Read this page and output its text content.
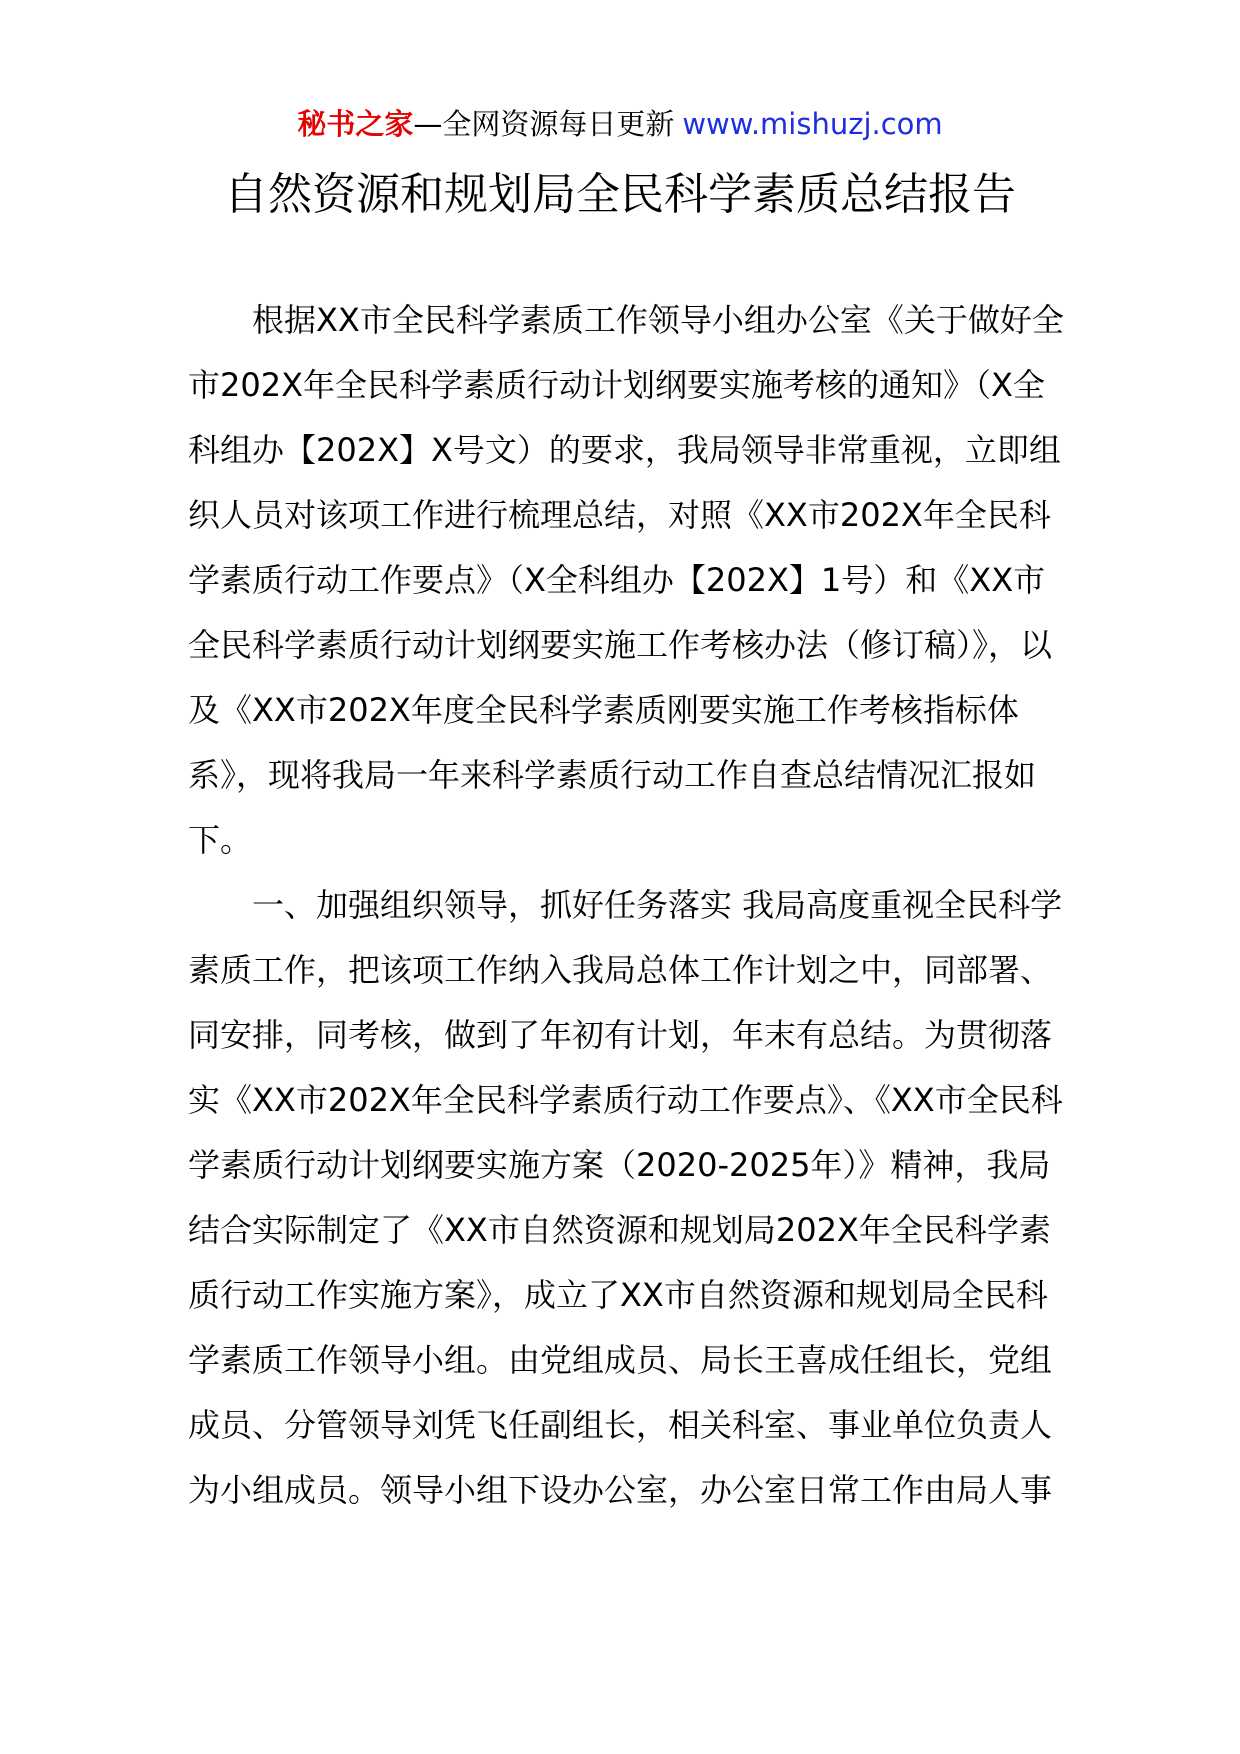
秘书之家—全网资源每日更新 www.mishuzj.com
自然资源和规划局全民科学素质总结报告

根据XX市全民科学素质工作领导小组办公室《关于做好全市202X年全民科学素质行动计划纲要实施考核的通知》（X全科组办【202X】X号文）的要求，我局领导非常重视，立即组织人员对该项工作进行梳理总结，对照《XX市202X年全民科学素质行动工作要点》（X全科组办【202X】1号）和《XX市全民科学素质行动计划纲要实施工作考核办法（修订稿）》，以及《XX市202X年度全民科学素质刚要实施工作考核指标体系》，现将我局一年来科学素质行动工作自查总结情况汇报如下。

一、加强组织领导，抓好任务落实 我局高度重视全民科学素质工作，把该项工作纳入我局总体工作计划之中，同部署、同安排，同考核，做到了年初有计划，年末有总结。为贯彻落实《XX市202X年全民科学素质行动工作要点》、《XX市全民科学素质行动计划纲要实施方案（2020-2025年）》精神，我局结合实际制定了《XX市自然资源和规划局202X年全民科学素质行动工作实施方案》，成立了XX市自然资源和规划局全民科学素质工作领导小组。由党组成员、局长王喜成任组长，党组成员、分管领导刘凭飞任副组长，相关科室、事业单位负责人为小组成员。领导小组下设办公室，办公室日常工作由局人事
